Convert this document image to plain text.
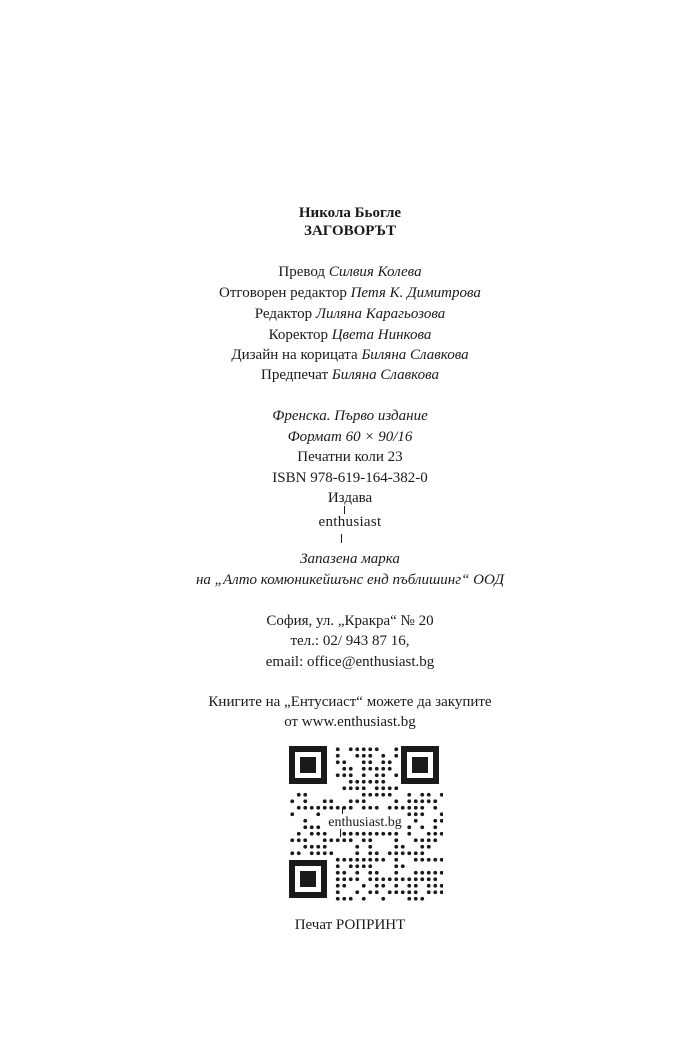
Никола Бьогле
ЗАГОВОРЪТ
Превод Силвия Колева
Отговорен редактор Петя К. Димитрова
Редактор Лиляна Карагьозова
Коректор Цвета Нинкова
Дизайн на корицата Биляна Славкова
Предпечат Биляна Славкова
Френска. Първо издание
Формат 60 × 90/16
Печатни коли 23
ISBN 978-619-164-382-0
Издава
enthusiast
Запазена марка
на „Алто комюникейшънс енд пъблишинг“ ООД
София, ул. „Кракра“ № 20
тел.: 02/ 943 87 16,
email: office@enthusiast.bg
Книгите на „Ентусиаст“ можете да закупите
от www.enthusiast.bg
enthusiast.bg
Печат РОПРИНТ
